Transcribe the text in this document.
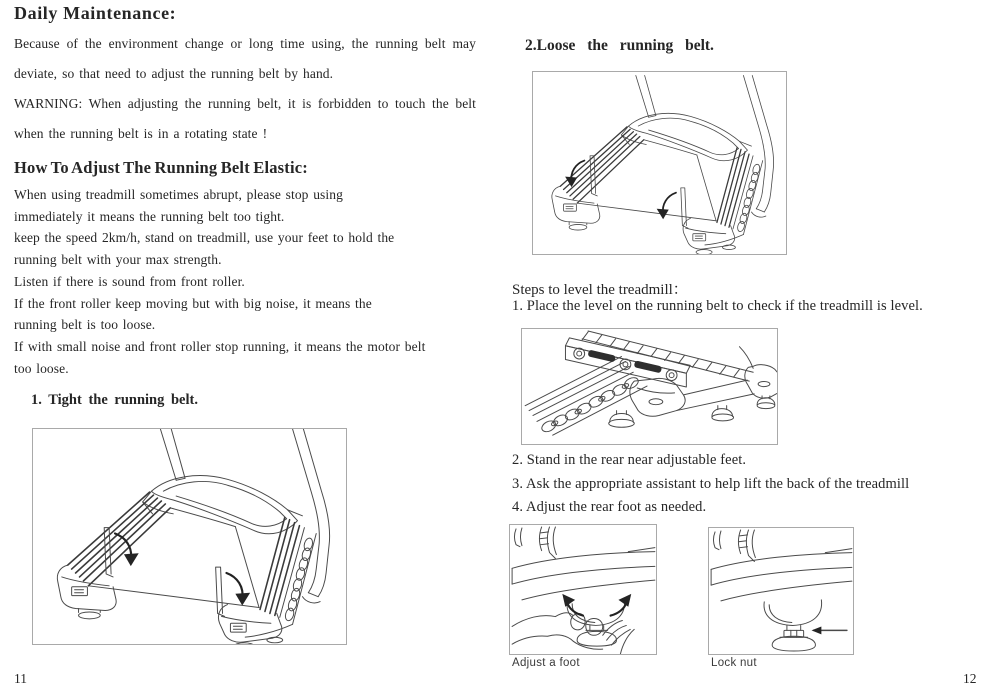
Daily Maintenance:
Because of the environment change or long time using, the running belt may
deviate, so that need to adjust the running belt by hand.
WARNING: When adjusting the running belt, it is forbidden to touch the belt
when the running belt is in a rotating state !
How To Adjust The Running Belt Elastic:
When using treadmill sometimes abrupt, please stop using
immediately it means the running belt too tight.
keep the speed 2km/h, stand on treadmill, use your feet to hold the
running belt with your max strength.
Listen if there is sound from front roller.
If the front roller keep moving but with big noise, it means the
running belt is too loose.
If with small noise and front roller stop running, it means the motor belt
too loose.
1. Tight the running belt.
11
2.Loose the running belt.
Steps to level the treadmill：
1. Place the level on the running belt to check if the treadmill is level.
2. Stand in the rear near adjustable feet.
3. Ask the appropriate assistant to help lift the back of the treadmill
4. Adjust the rear foot as needed.
Adjust a foot	Lock nut
12
